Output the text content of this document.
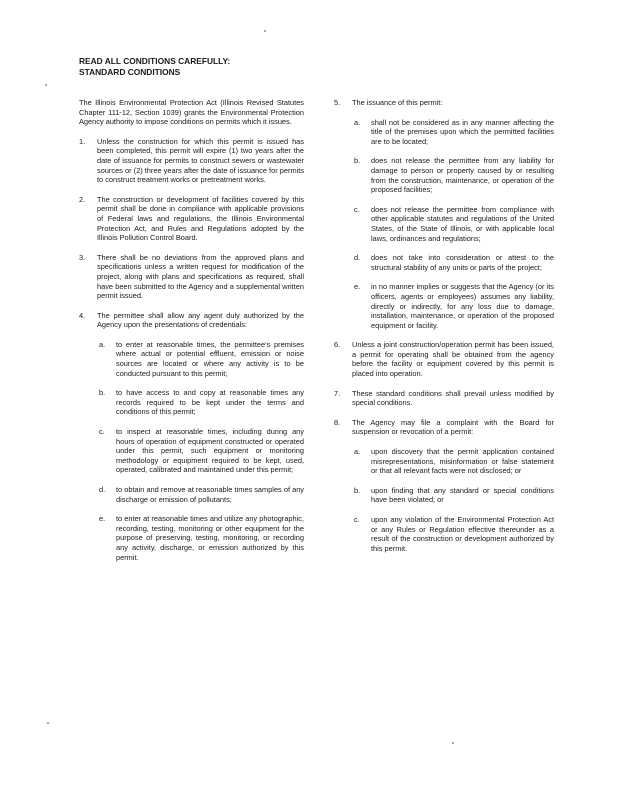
READ ALL CONDITIONS CAREFULLY:
STANDARD CONDITIONS

The Illinois Environmental Protection Act (Illinois Revised Statutes Chapter 111-12, Section 1039) grants the Environmental Protection Agency authority to impose conditions on permits which it issues.

1.	Unless the construction for which this permit is issued has been completed, this permit will expire (1) two years after the date of issuance for permits to construct sewers or wastewater sources or (2) three years after the date of issuance for permits to construct treatment works or pretreatment works.
2.	The construction or development of facilities covered by this permit shall be done in compliance with applicable provisions of Federal laws and regulations, the Illinois Environmental Protection Act, and Rules and Regulations adopted by the Illinois Pollution Control Board.
3.	There shall be no deviations from the approved plans and specifications unless a written request for modification of the project, along with plans and specifications as required, shall have been submitted to the Agency and a supplemental written permit issued.
4.	The permittee shall allow any agent duly authorized by the Agency upon the presentations of credentials:
a.	to enter at reasonable times, the permittee's premises where actual or potential effluent, emission or noise sources are located or where any activity is to be conducted pursuant to this permit;
b.	to have access to and copy at reasonable times any records required to be kept under the terms and conditions of this permit;
c.	to inspect at reasonable times, including during any hours of operation of equipment constructed or operated under this permit, such equipment or monitoring methodology or equipment required to be kept, used, operated, calibrated and maintained under this permit;
d.	to obtain and remove at reasonable times samples of any discharge or emission of pollutants;
e.	to enter at reasonable times and utilize any photographic, recording, testing, monitoring or other equipment for the purpose of preserving, testing, monitoring, or recording any activity, discharge, or emission authorized by this permit.
5.	The issuance of this permit:
a.	shall not be considered as in any manner affecting the title of the premises upon which the permitted facilities are to be located;
b.	does not release the permittee from any liability for damage to person or property caused by or resulting from the construction, maintenance, or operation of the proposed facilities;
c.	does not release the permittee from compliance with other applicable statutes and regulations of the United States, of the State of Illinois, or with applicable local laws, ordinances and regulations;
d.	does not take into consideration or attest to the structural stability of any units or parts of the project;
e.	in no manner implies or suggests that the Agency (or its officers, agents or employees) assumes any liability, directly or indirectly, for any loss due to damage, installation, maintenance, or operation of the proposed equipment or facility.
6.	Unless a joint construction/operation permit has been issued, a permit for operating shall be obtained from the agency before the facility or equipment covered by this permit is placed into operation.
7.	These standard conditions shall prevail unless modified by special conditions.
8.	The Agency may file a complaint with the Board for suspension or revocation of a permit:
a.	upon discovery that the permit application contained misrepresentations, misinformation or false statement or that all relevant facts were not disclosed; or
b.	upon finding that any standard or special conditions have been violated; or
c.	upon any violation of the Environmental Protection Act or any Rules or Regulation effective thereunder as a result of the construction or development authorized by this permit.
